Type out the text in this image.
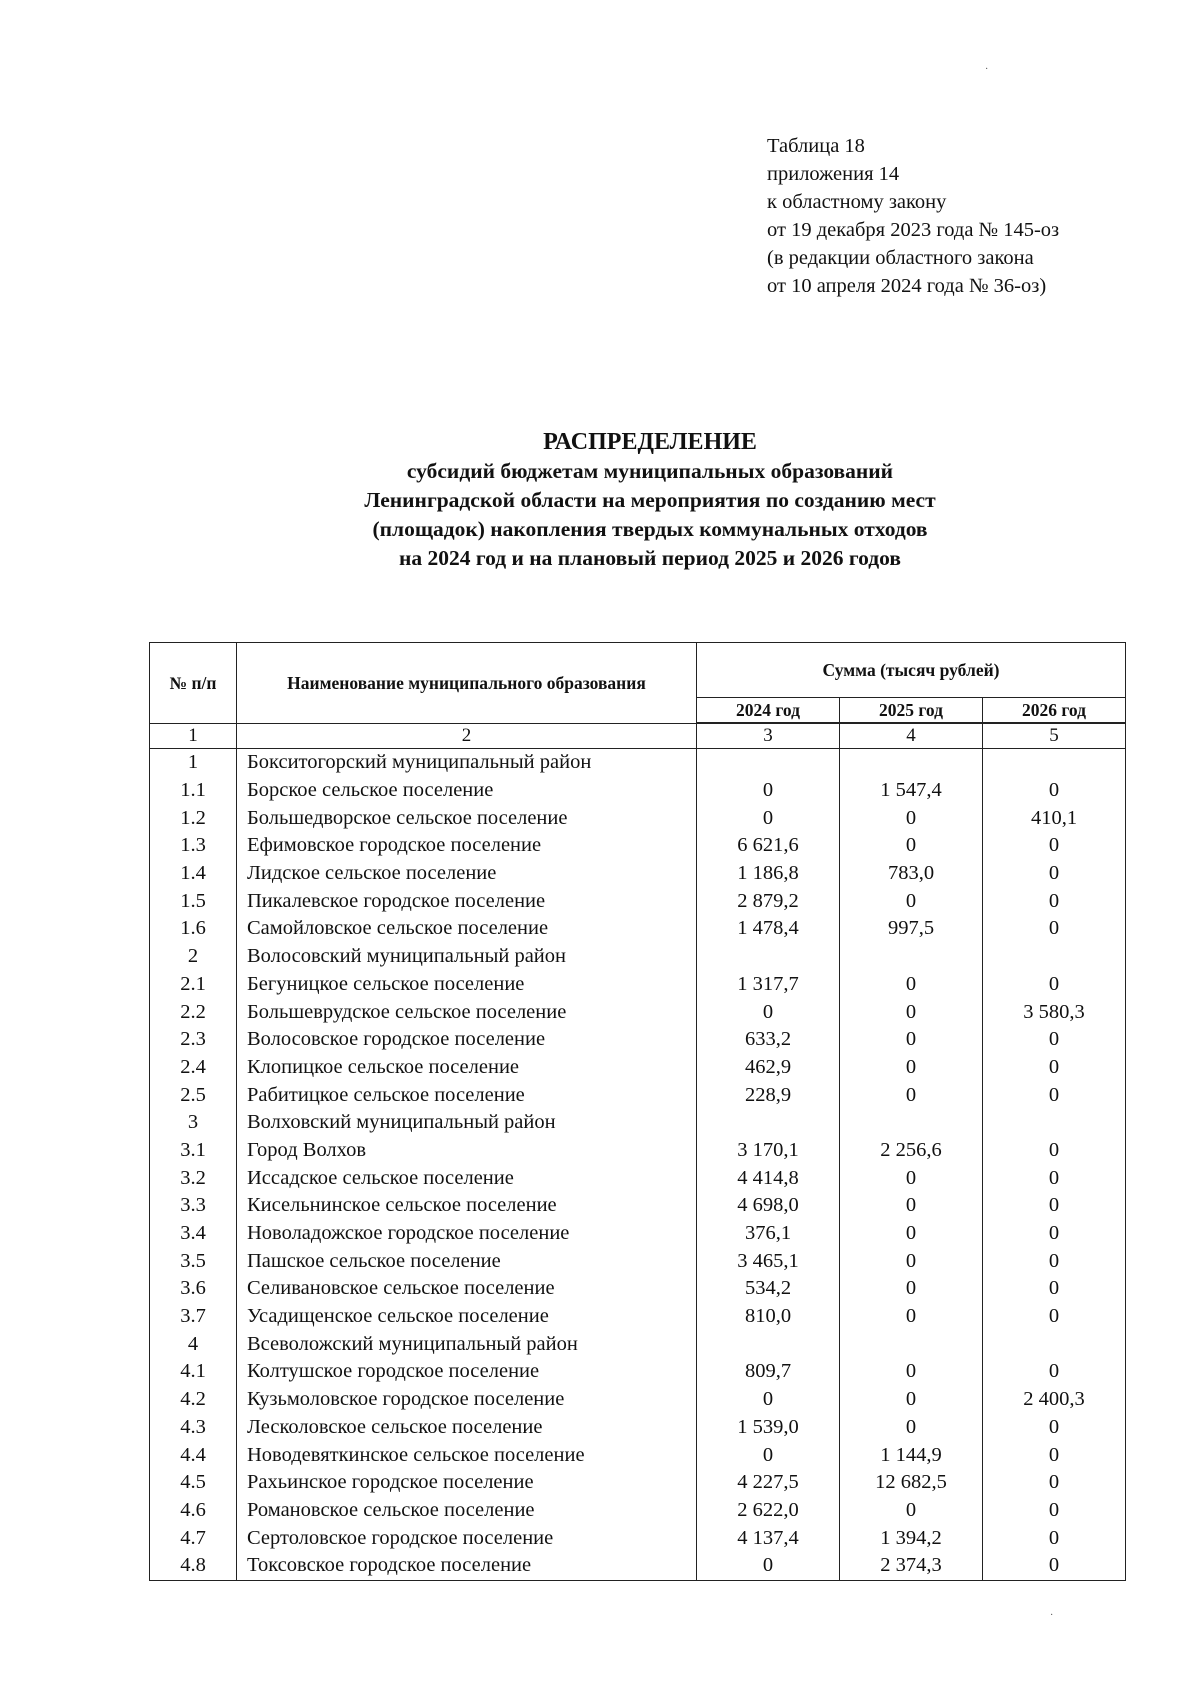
Таблица 18
приложения 14
к областному закону
от 19 декабря 2023 года № 145-оз
(в редакции областного закона
от 10 апреля 2024 года № 36-оз)
РАСПРЕДЕЛЕНИЕ
субсидий бюджетам муниципальных образований
Ленинградской области на мероприятия по созданию мест
(площадок) накопления твердых коммунальных отходов
на 2024 год и на плановый период 2025 и 2026 годов
№ п/п	Наименование муниципального образования	Сумма (тысяч рублей)		
		2024 год	2025 год	2026 год
1	2	3	4	5
1	Бокситогорский муниципальный район			
1.1	Борское сельское поселение	0	1 547,4	0
1.2	Большедворское сельское поселение	0	0	410,1
1.3	Ефимовское городское поселение	6 621,6	0	0
1.4	Лидское сельское поселение	1 186,8	783,0	0
1.5	Пикалевское городское поселение	2 879,2	0	0
1.6	Самойловское сельское поселение	1 478,4	997,5	0
2	Волосовский муниципальный район			
2.1	Бегуницкое сельское поселение	1 317,7	0	0
2.2	Большеврудское сельское поселение	0	0	3 580,3
2.3	Волосовское городское поселение	633,2	0	0
2.4	Клопицкое сельское поселение	462,9	0	0
2.5	Рабитицкое сельское поселение	228,9	0	0
3	Волховский муниципальный район			
3.1	Город Волхов	3 170,1	2 256,6	0
3.2	Иссадское сельское поселение	4 414,8	0	0
3.3	Кисельнинское сельское поселение	4 698,0	0	0
3.4	Новоладожское городское поселение	376,1	0	0
3.5	Пашское сельское поселение	3 465,1	0	0
3.6	Селивановское сельское поселение	534,2	0	0
3.7	Усадищенское сельское поселение	810,0	0	0
4	Всеволожский муниципальный район			
4.1	Колтушское городское поселение	809,7	0	0
4.2	Кузьмоловское городское поселение	0	0	2 400,3
4.3	Лесколовское сельское поселение	1 539,0	0	0
4.4	Новодевяткинское сельское поселение	0	1 144,9	0
4.5	Рахьинское городское поселение	4 227,5	12 682,5	0
4.6	Романовское сельское поселение	2 622,0	0	0
4.7	Сертоловское городское поселение	4 137,4	1 394,2	0
4.8	Токсовское городское поселение	0	2 374,3	0
·
·
